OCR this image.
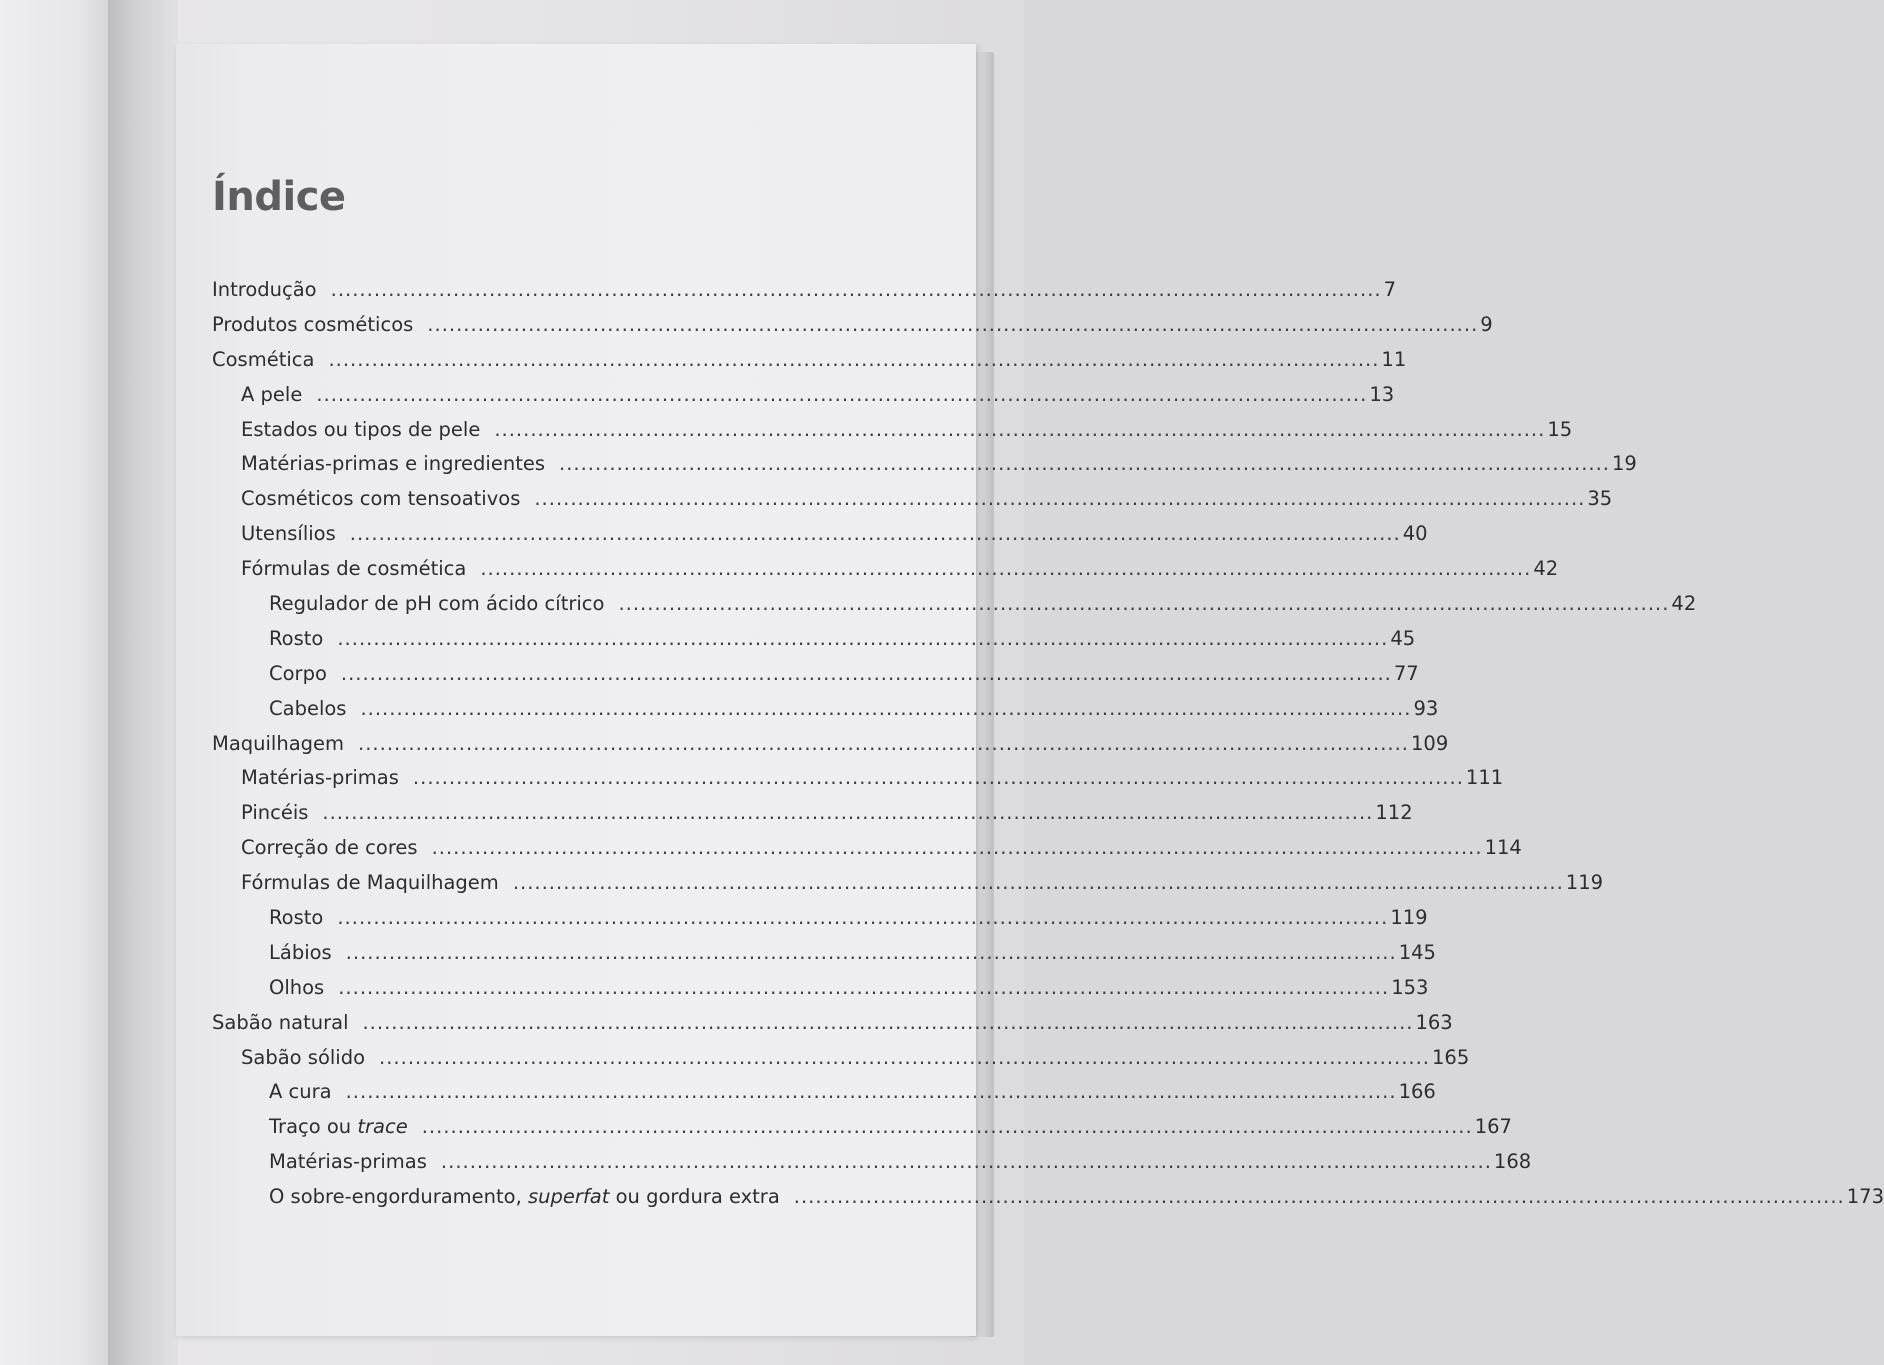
Índice
Introdução .................................................................................................................................................. 7
Produtos cosméticos .................................................................................................................................................. 9
Cosmética .................................................................................................................................................. 11
A pele .................................................................................................................................................. 13
Estados ou tipos de pele .................................................................................................................................................. 15
Matérias-primas e ingredientes .................................................................................................................................................. 19
Cosméticos com tensoativos .................................................................................................................................................. 35
Utensílios .................................................................................................................................................. 40
Fórmulas de cosmética .................................................................................................................................................. 42
Regulador de pH com ácido cítrico .................................................................................................................................................. 42
Rosto .................................................................................................................................................. 45
Corpo .................................................................................................................................................. 77
Cabelos .................................................................................................................................................. 93
Maquilhagem .................................................................................................................................................. 109
Matérias-primas .................................................................................................................................................. 111
Pincéis .................................................................................................................................................. 112
Correção de cores .................................................................................................................................................. 114
Fórmulas de Maquilhagem .................................................................................................................................................. 119
Rosto .................................................................................................................................................. 119
Lábios .................................................................................................................................................. 145
Olhos .................................................................................................................................................. 153
Sabão natural .................................................................................................................................................. 163
Sabão sólido .................................................................................................................................................. 165
A cura .................................................................................................................................................. 166
Traço ou trace .................................................................................................................................................. 167
Matérias-primas .................................................................................................................................................. 168
O sobre-engorduramento, superfat ou gordura extra .................................................................................................................................................. 173
